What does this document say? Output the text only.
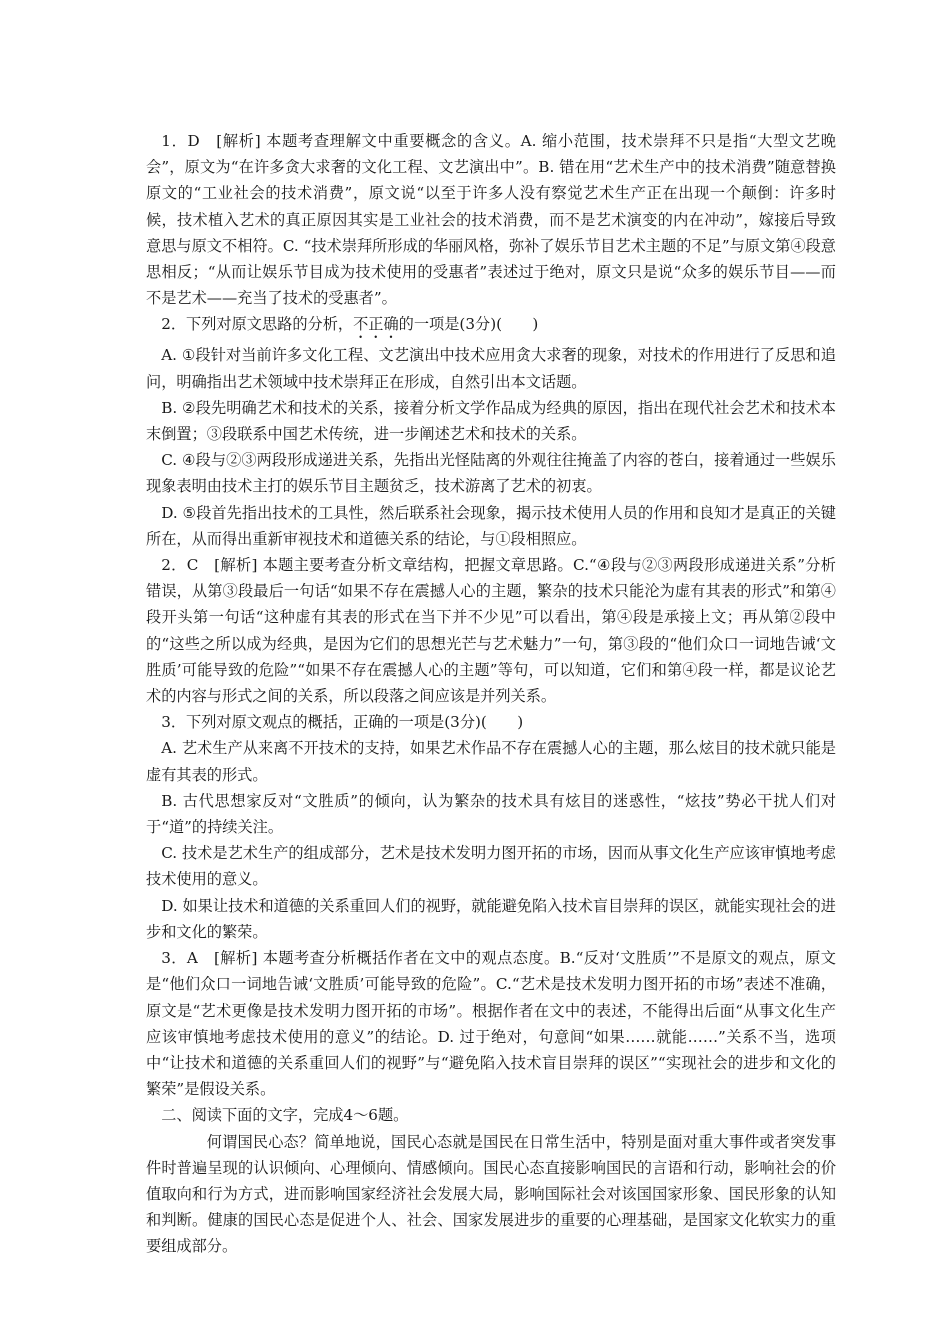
1．D　[解析] 本题考查理解文中重要概念的含义。A. 缩小范围，技术崇拜不只是指“大型文艺晚会”，原文为“在许多贪大求奢的文化工程、文艺演出中”。B. 错在用“艺术生产中的技术消费”随意替换原文的“工业社会的技术消费”，原文说“以至于许多人没有察觉艺术生产正在出现一个颠倒：许多时候，技术植入艺术的真正原因其实是工业社会的技术消费，而不是艺术演变的内在冲动”，嫁接后导致意思与原文不相符。C. “技术崇拜所形成的华丽风格，弥补了娱乐节目艺术主题的不足”与原文第④段意思相反；“从而让娱乐节目成为技术使用的受惠者”表述过于绝对，原文只是说“众多的娱乐节目——而不是艺术——充当了技术的受惠者”。

2．下列对原文思路的分析，不正确的一项是(3分)(　　)

A. ①段针对当前许多文化工程、文艺演出中技术应用贪大求奢的现象，对技术的作用进行了反思和追问，明确指出艺术领域中技术崇拜正在形成，自然引出本文话题。

B. ②段先明确艺术和技术的关系，接着分析文学作品成为经典的原因，指出在现代社会艺术和技术本末倒置；③段联系中国艺术传统，进一步阐述艺术和技术的关系。

C. ④段与②③两段形成递进关系，先指出光怪陆离的外观往往掩盖了内容的苍白，接着通过一些娱乐现象表明由技术主打的娱乐节目主题贫乏，技术游离了艺术的初衷。

D. ⑤段首先指出技术的工具性，然后联系社会现象，揭示技术使用人员的作用和良知才是真正的关键所在，从而得出重新审视技术和道德关系的结论，与①段相照应。

2．C　[解析] 本题主要考查分析文章结构，把握文章思路。C.“④段与②③两段形成递进关系”分析错误，从第③段最后一句话“如果不存在震撼人心的主题，繁杂的技术只能沦为虚有其表的形式”和第④段开头第一句话“这种虚有其表的形式在当下并不少见”可以看出，第④段是承接上文；再从第②段中的“这些之所以成为经典，是因为它们的思想光芒与艺术魅力”一句，第③段的“他们众口一词地告诫‘文胜质’可能导致的危险”“如果不存在震撼人心的主题”等句，可以知道，它们和第④段一样，都是议论艺术的内容与形式之间的关系，所以段落之间应该是并列关系。

3．下列对原文观点的概括，正确的一项是(3分)(　　)

A. 艺术生产从来离不开技术的支持，如果艺术作品不存在震撼人心的主题，那么炫目的技术就只能是虚有其表的形式。

B. 古代思想家反对“文胜质”的倾向，认为繁杂的技术具有炫目的迷惑性，“炫技”势必干扰人们对于“道”的持续关注。

C. 技术是艺术生产的组成部分，艺术是技术发明力图开拓的市场，因而从事文化生产应该审慎地考虑技术使用的意义。

D. 如果让技术和道德的关系重回人们的视野，就能避免陷入技术盲目崇拜的误区，就能实现社会的进步和文化的繁荣。

3．A　[解析] 本题考查分析概括作者在文中的观点态度。B.“反对‘文胜质’”不是原文的观点，原文是“他们众口一词地告诫‘文胜质’可能导致的危险”。C.“艺术是技术发明力图开拓的市场”表述不准确，原文是“艺术更像是技术发明力图开拓的市场”。根据作者在文中的表述，不能得出后面“从事文化生产应该审慎地考虑技术使用的意义”的结论。D. 过于绝对，句意间“如果……就能……”关系不当，选项中“让技术和道德的关系重回人们的视野”与“避免陷入技术盲目崇拜的误区”“实现社会的进步和文化的繁荣”是假设关系。

二、阅读下面的文字，完成4～6题。

何谓国民心态？简单地说，国民心态就是国民在日常生活中，特别是面对重大事件或者突发事件时普遍呈现的认识倾向、心理倾向、情感倾向。国民心态直接影响国民的言语和行动，影响社会的价值取向和行为方式，进而影响国家经济社会发展大局，影响国际社会对该国国家形象、国民形象的认知和判断。健康的国民心态是促进个人、社会、国家发展进步的重要的心理基础，是国家文化软实力的重要组成部分。
